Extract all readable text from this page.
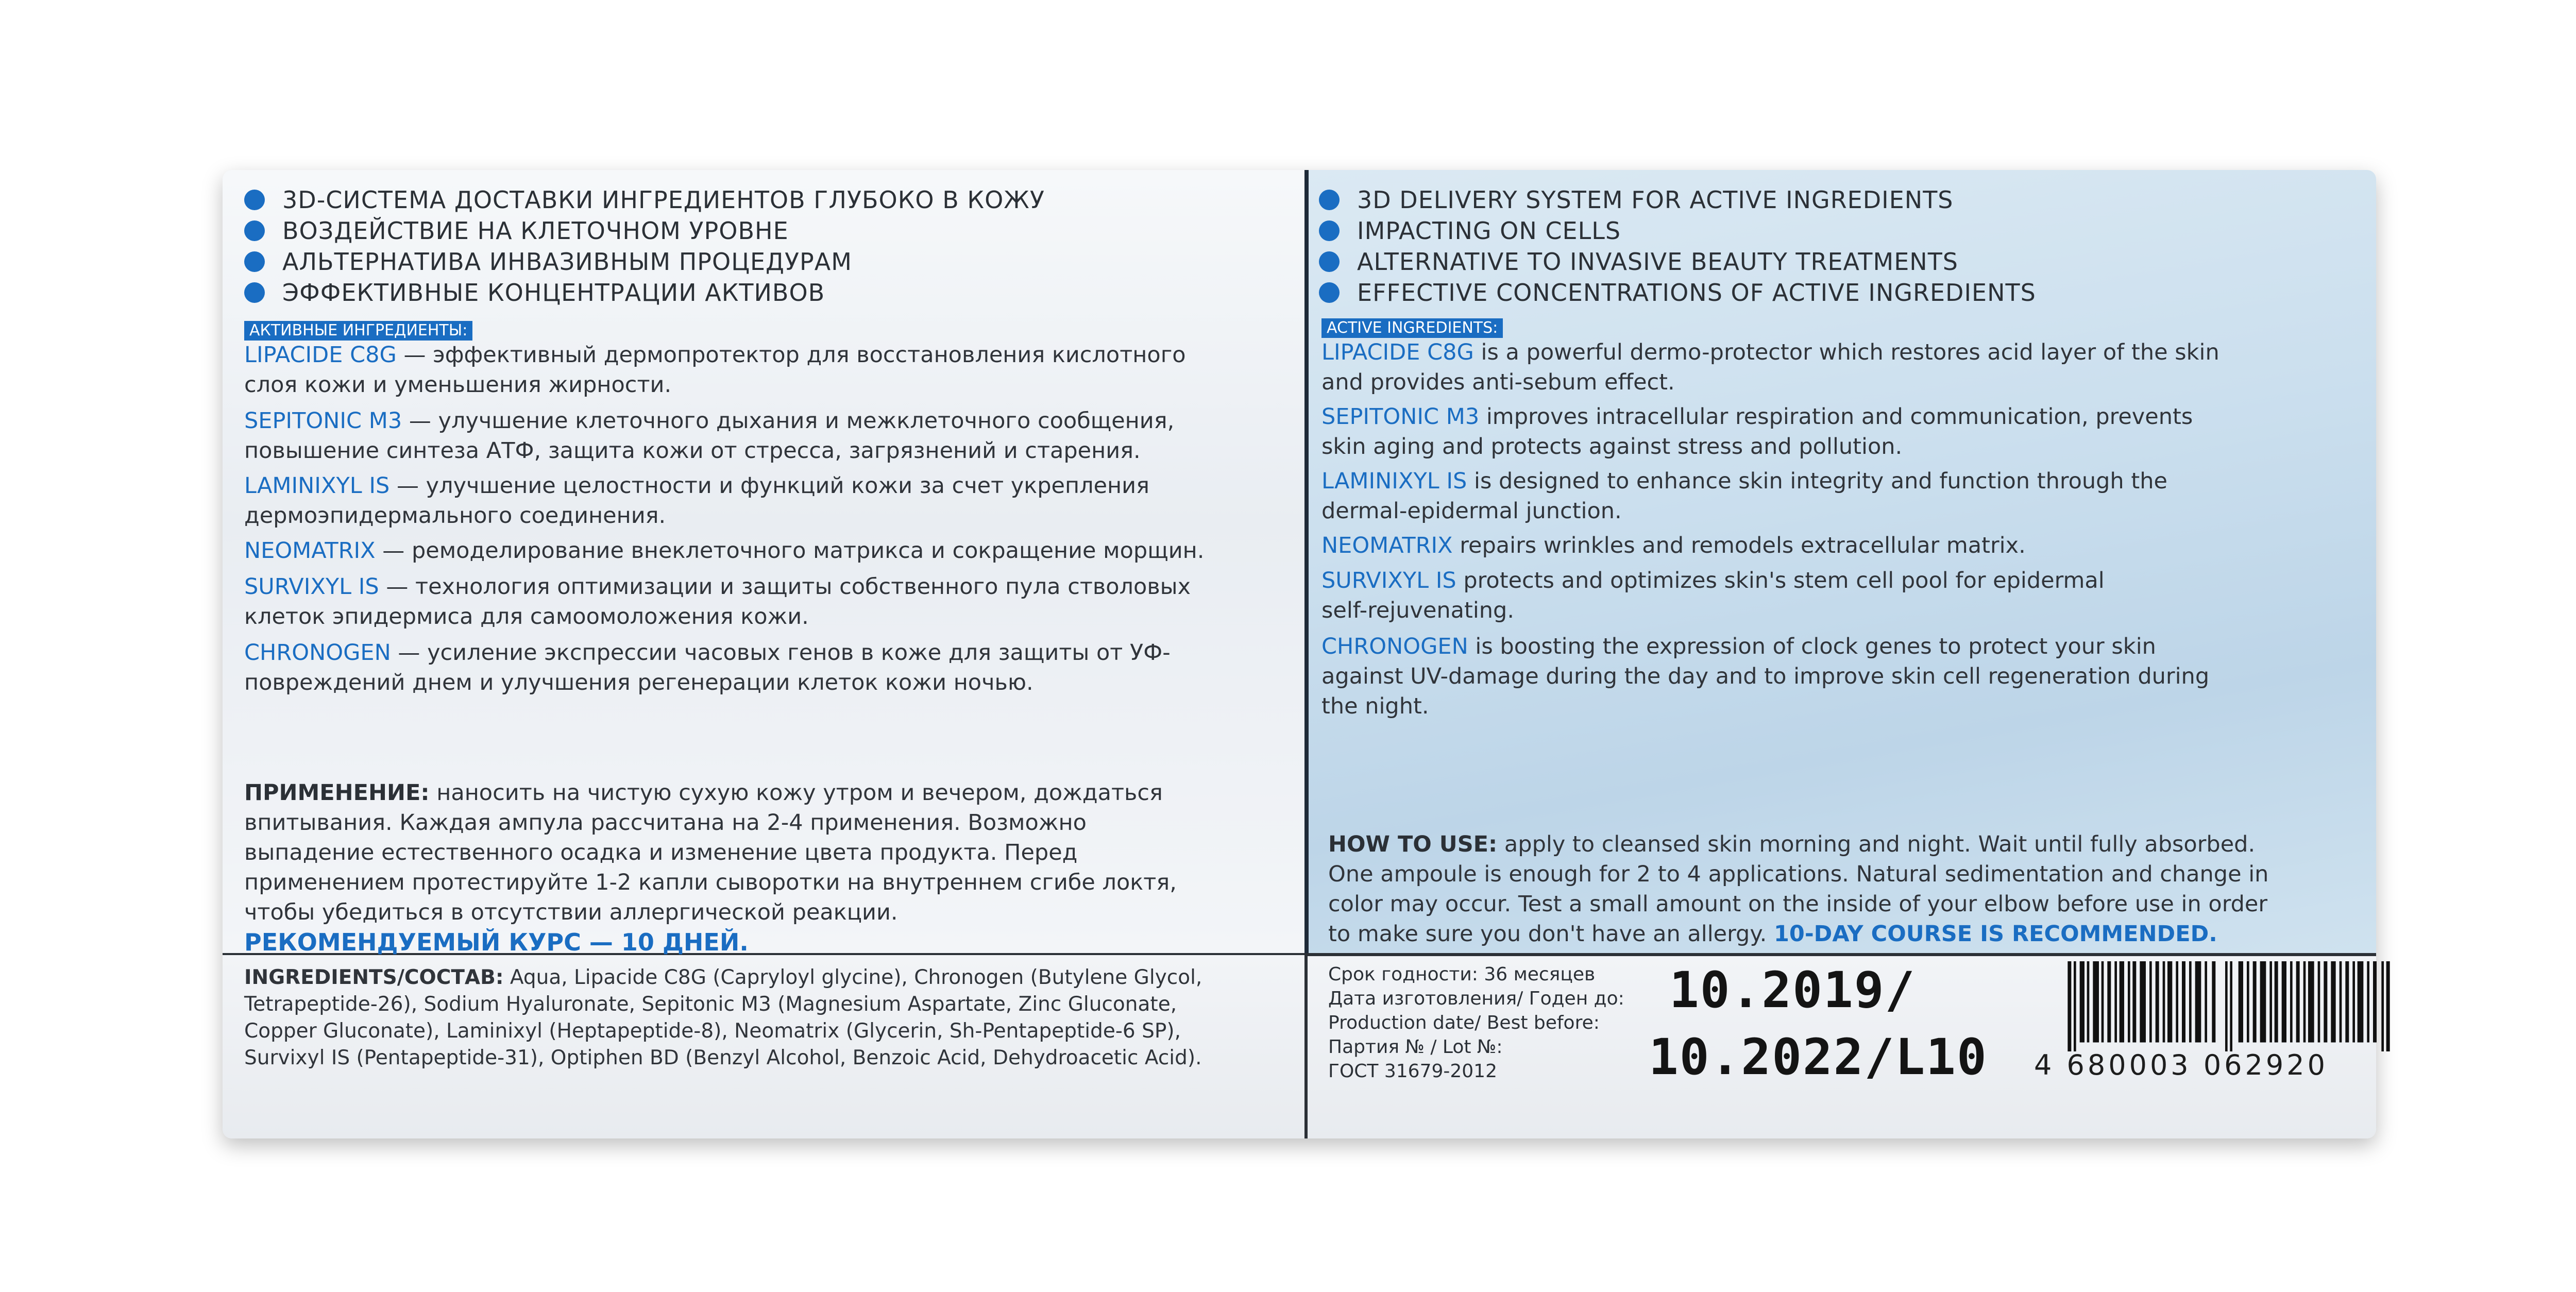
3D-СИСТЕМА ДОСТАВКИ ИНГРЕДИЕНТОВ ГЛУБОКО В КОЖУ
ВОЗДЕЙСТВИЕ НА КЛЕТОЧНОМ УРОВНЕ
АЛЬТЕРНАТИВА ИНВАЗИВНЫМ ПРОЦЕДУРАМ
ЭФФЕКТИВНЫЕ КОНЦЕНТРАЦИИ АКТИВОВ
3D DELIVERY SYSTEM FOR ACTIVE INGREDIENTS
IMPACTING ON CELLS
ALTERNATIVE TO INVASIVE BEAUTY TREATMENTS
EFFECTIVE CONCENTRATIONS OF ACTIVE INGREDIENTS
АКТИВНЫЕ ИНГРЕДИЕНТЫ:	ACTIVE INGREDIENTS:
LIPACIDE C8G — эффективный дермопротектор для восстановления кислотного
слоя кожи и уменьшения жирности.
SEPITONIC M3 — улучшение клеточного дыхания и межклеточного сообщения,
повышение синтеза АТФ, защита кожи от стресса, загрязнений и старения.
LAMINIXYL IS — улучшение целостности и функций кожи за счет укрепления
дермоэпидермального соединения.
NEOMATRIX — ремоделирование внеклеточного матрикса и сокращение морщин.
SURVIXYL IS — технология оптимизации и защиты собственного пула стволовых
клеток эпидермиса для самоомоложения кожи.
CHRONOGEN — усиление экспрессии часовых генов в коже для защиты от УФ-
повреждений днем и улучшения регенерации клеток кожи ночью.
LIPACIDE C8G is a powerful dermo-protector which restores acid layer of the skin
and provides anti-sebum effect.
SEPITONIC M3 improves intracellular respiration and communication, prevents
skin aging and protects against stress and pollution.
LAMINIXYL IS is designed to enhance skin integrity and function through the
dermal-epidermal junction.
NEOMATRIX repairs wrinkles and remodels extracellular matrix.
SURVIXYL IS protects and optimizes skin's stem cell pool for epidermal
self-rejuvenating.
CHRONOGEN is boosting the expression of clock genes to protect your skin
against UV-damage during the day and to improve skin cell regeneration during
the night.
ПРИМЕНЕНИЕ: наносить на чистую сухую кожу утром и вечером, дождаться
впитывания. Каждая ампула рассчитана на 2-4 применения. Возможно
выпадение естественного осадка и изменение цвета продукта. Перед
применением протестируйте 1-2 капли сыворотки на внутреннем сгибе локтя,
чтобы убедиться в отсутствии аллергической реакции.
РЕКОМЕНДУЕМЫЙ КУРС — 10 ДНЕЙ.
HOW TO USE: apply to cleansed skin morning and night. Wait until fully absorbed.
One ampoule is enough for 2 to 4 applications. Natural sedimentation and change in
color may occur. Test a small amount on the inside of your elbow before use in order
to make sure you don't have an allergy. 10-DAY COURSE IS RECOMMENDED.
INGREDIENTS/СОСТАВ: Aqua, Lipacide C8G (Capryloyl glycine), Chronogen (Butylene Glycol,
Tetrapeptide-26), Sodium Hyaluronate, Sepitonic M3 (Magnesium Aspartate, Zinc Gluconate,
Copper Gluconate), Laminixyl (Heptapeptide-8), Neomatrix (Glycerin, Sh-Pentapeptide-6 SP),
Survixyl IS (Pentapeptide-31), Optiphen BD (Benzyl Alcohol, Benzoic Acid, Dehydroacetic Acid).
Срок годности: 36 месяцев
Дата изготовления/ Годен до:
Production date/ Best before:
Партия № / Lot №:
ГОСТ 31679-2012
10.2019/
10.2022/L10 4 680003 062920
